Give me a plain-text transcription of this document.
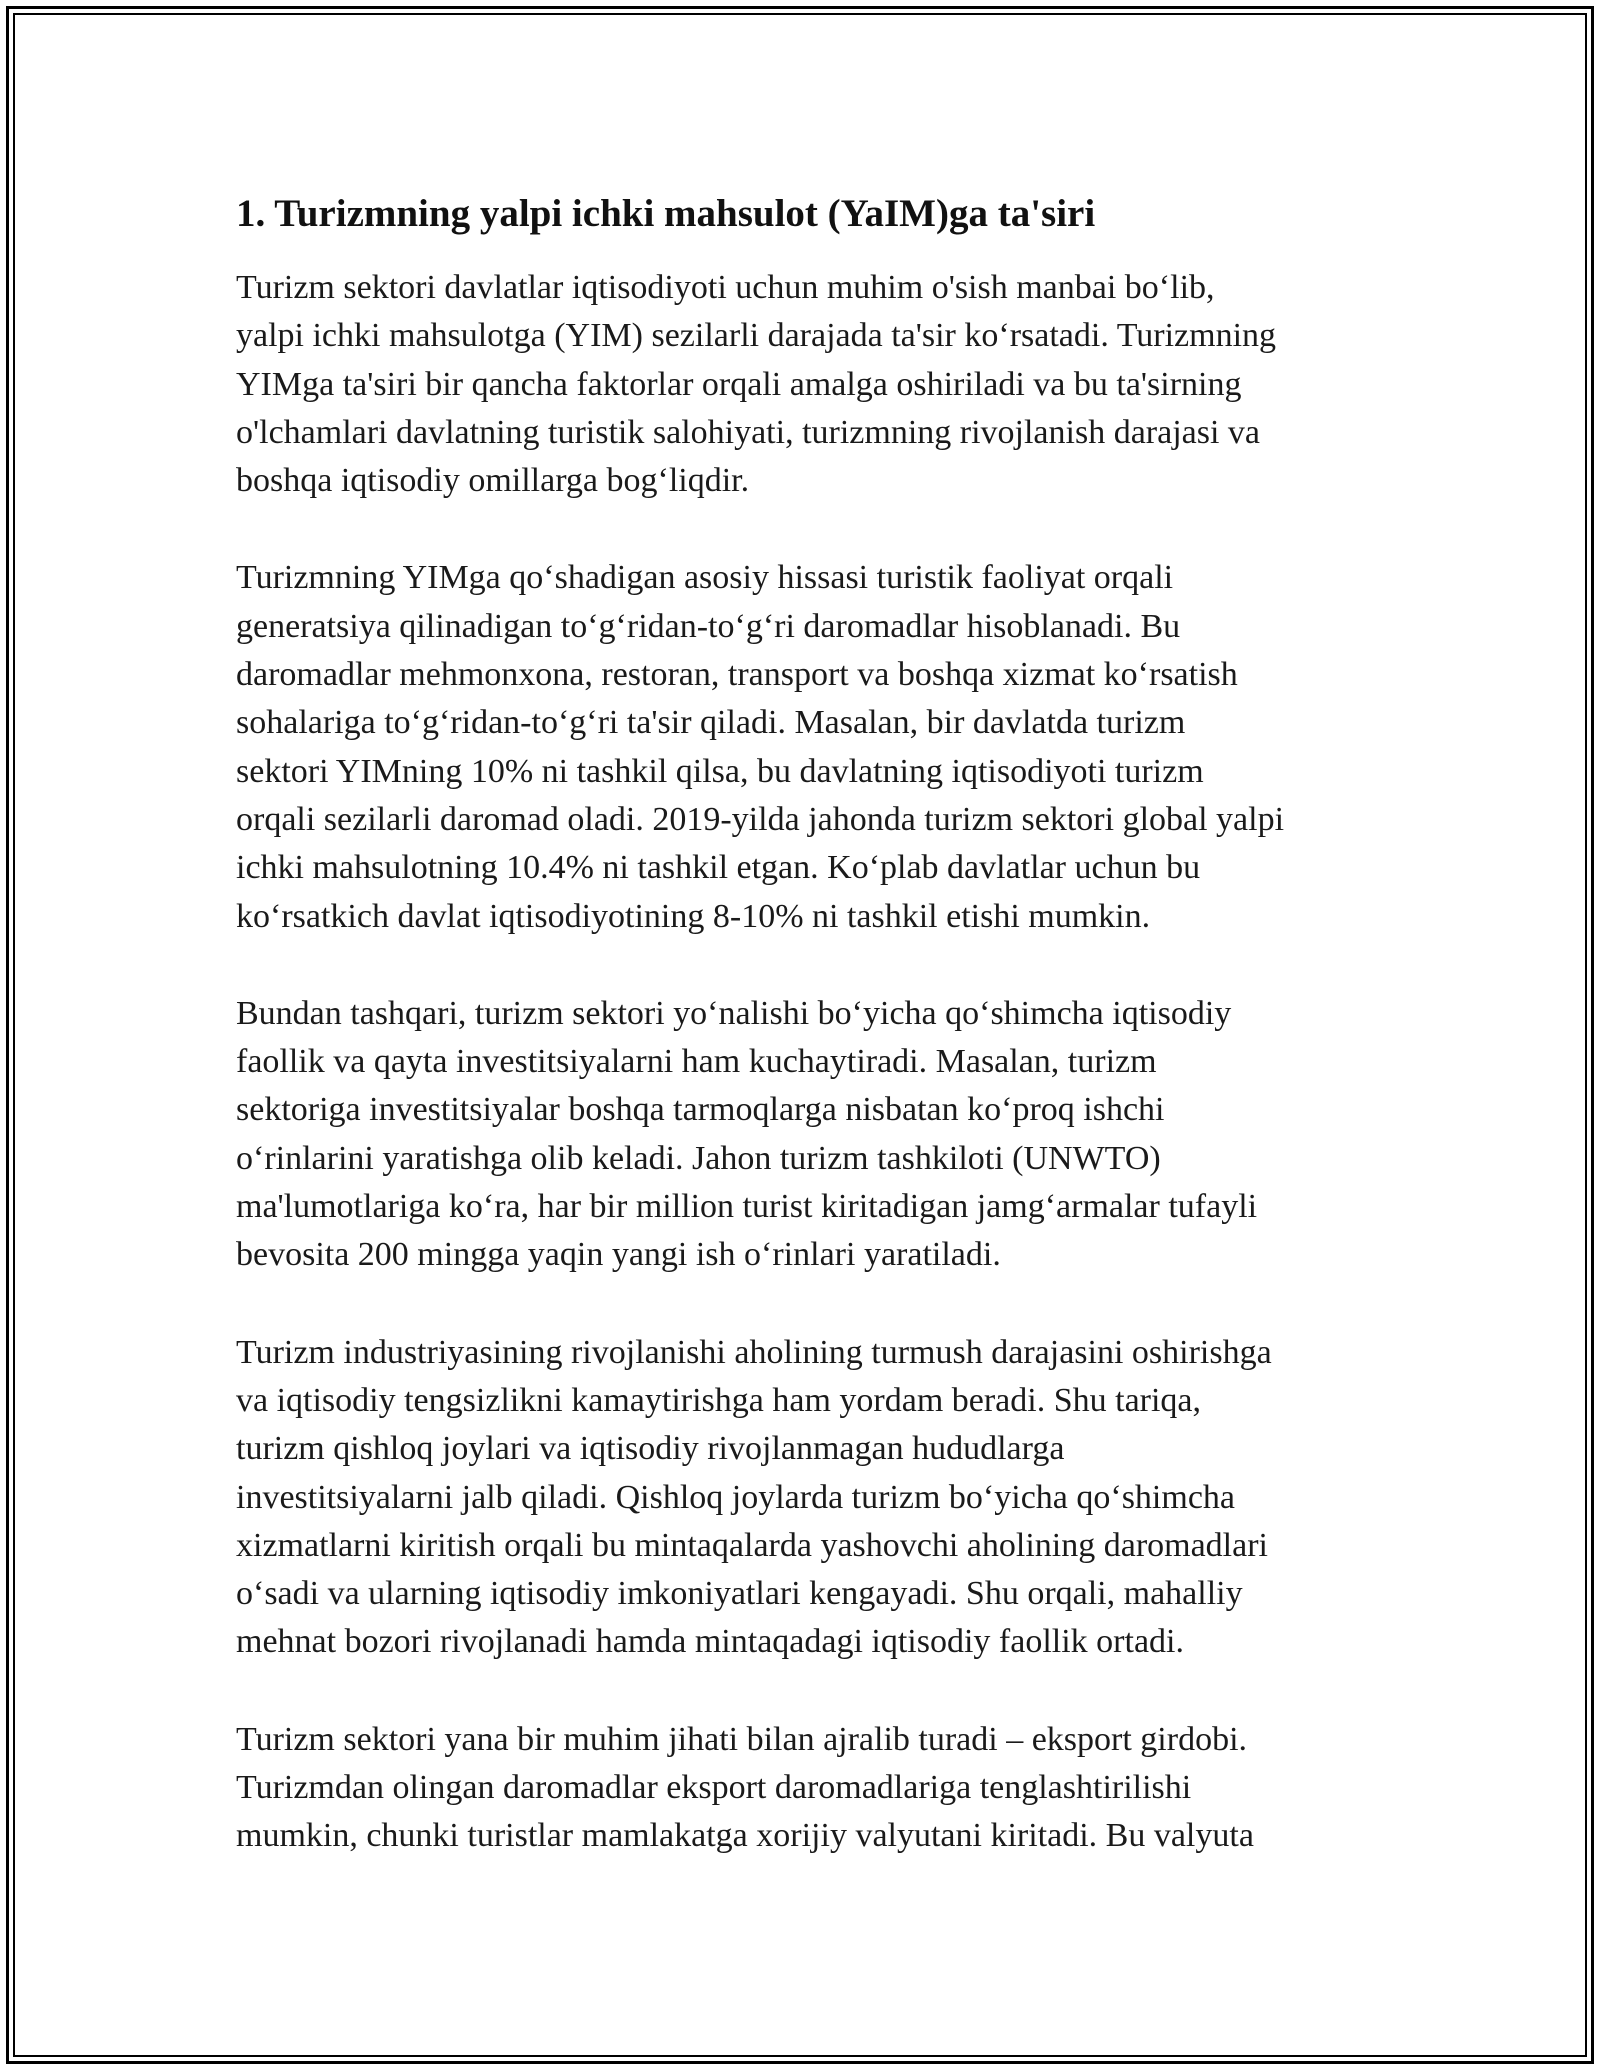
1. Turizmning yalpi ichki mahsulot (YaIM)ga ta'siri

Turizm sektori davlatlar iqtisodiyoti uchun muhim o'sish manbai bo‘lib,
yalpi ichki mahsulotga (YIM) sezilarli darajada ta'sir ko‘rsatadi. Turizmning
YIMga ta'siri bir qancha faktorlar orqali amalga oshiriladi va bu ta'sirning
o'lchamlari davlatning turistik salohiyati, turizmning rivojlanish darajasi va
boshqa iqtisodiy omillarga bog‘liqdir.

Turizmning YIMga qo‘shadigan asosiy hissasi turistik faoliyat orqali
generatsiya qilinadigan to‘g‘ridan-to‘g‘ri daromadlar hisoblanadi. Bu
daromadlar mehmonxona, restoran, transport va boshqa xizmat ko‘rsatish
sohalariga to‘g‘ridan-to‘g‘ri ta'sir qiladi. Masalan, bir davlatda turizm
sektori YIMning 10% ni tashkil qilsa, bu davlatning iqtisodiyoti turizm
orqali sezilarli daromad oladi. 2019-yilda jahonda turizm sektori global yalpi
ichki mahsulotning 10.4% ni tashkil etgan. Ko‘plab davlatlar uchun bu
ko‘rsatkich davlat iqtisodiyotining 8-10% ni tashkil etishi mumkin.

Bundan tashqari, turizm sektori yo‘nalishi bo‘yicha qo‘shimcha iqtisodiy
faollik va qayta investitsiyalarni ham kuchaytiradi. Masalan, turizm
sektoriga investitsiyalar boshqa tarmoqlarga nisbatan ko‘proq ishchi
o‘rinlarini yaratishga olib keladi. Jahon turizm tashkiloti (UNWTO)
ma'lumotlariga ko‘ra, har bir million turist kiritadigan jamg‘armalar tufayli
bevosita 200 mingga yaqin yangi ish o‘rinlari yaratiladi.

Turizm industriyasining rivojlanishi aholining turmush darajasini oshirishga
va iqtisodiy tengsizlikni kamaytirishga ham yordam beradi. Shu tariqa,
turizm qishloq joylari va iqtisodiy rivojlanmagan hududlarga
investitsiyalarni jalb qiladi. Qishloq joylarda turizm bo‘yicha qo‘shimcha
xizmatlarni kiritish orqali bu mintaqalarda yashovchi aholining daromadlari
o‘sadi va ularning iqtisodiy imkoniyatlari kengayadi. Shu orqali, mahalliy
mehnat bozori rivojlanadi hamda mintaqadagi iqtisodiy faollik ortadi.

Turizm sektori yana bir muhim jihati bilan ajralib turadi – eksport girdobi.
Turizmdan olingan daromadlar eksport daromadlariga tenglashtirilishi
mumkin, chunki turistlar mamlakatga xorijiy valyutani kiritadi. Bu valyuta
